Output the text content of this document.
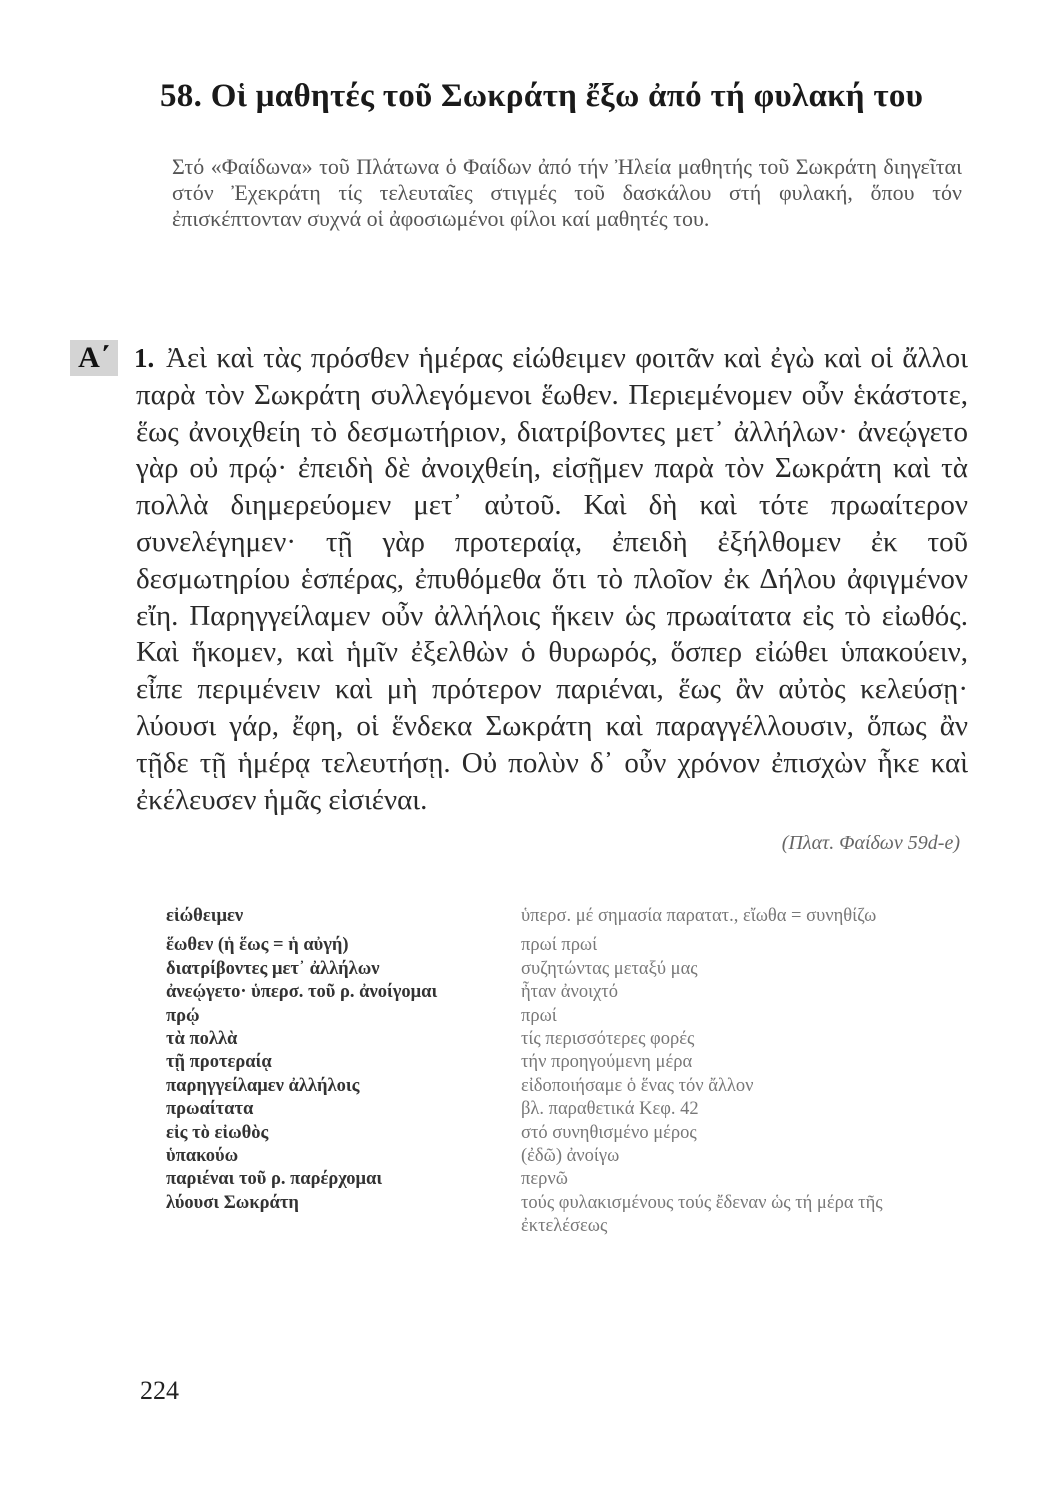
58. Οἱ μαθητές τοῦ Σωκράτη ἔξω ἀπό τή φυλακή του

Στό «Φαίδωνα» τοῦ Πλάτωνα ὁ Φαίδων ἀπό τήν Ἠλεία μαθητής τοῦ Σωκράτη διηγεῖται στόν Ἐχεκράτη τίς τελευταῖες στιγμές τοῦ δασκάλου στή φυλακή, ὅπου τόν ἐπισκέπτονταν συχνά οἱ ἀφοσιωμένοι φίλοι καί μαθητές του.

Α΄ 1. Ἀεὶ καὶ τὰς πρόσθεν ἡμέρας εἰώθειμεν φοιτᾶν καὶ ἐγὼ καὶ οἱ ἄλλοι παρὰ τὸν Σωκράτη συλλεγόμενοι ἕωθεν. Περιεμένομεν οὖν ἑκάστοτε, ἕως ἀνοιχθείη τὸ δεσμωτήριον, διατρίβοντες μετ᾽ ἀλλήλων· ἀνεῴγετο γὰρ οὐ πρῴ· ἐπειδὴ δὲ ἀνοιχθείη, εἰσῇμεν παρὰ τὸν Σωκράτη καὶ τὰ πολλὰ διημερεύομεν μετ᾽ αὐτοῦ. Καὶ δὴ καὶ τότε πρωαίτερον συνελέγημεν· τῇ γὰρ προτεραίᾳ, ἐπειδὴ ἐξήλθομεν ἐκ τοῦ δεσμωτηρίου ἑσπέρας, ἐπυθόμεθα ὅτι τὸ πλοῖον ἐκ Δήλου ἀφιγμένον εἴη. Παρηγγείλαμεν οὖν ἀλλήλοις ἥκειν ὡς πρωαίτατα εἰς τὸ εἰωθός. Καὶ ἥκομεν, καὶ ἡμῖν ἐξελθὼν ὁ θυρωρός, ὅσπερ εἰώθει ὑπακούειν, εἶπε περιμένειν καὶ μὴ πρότερον παριέναι, ἕως ἂν αὐτὸς κελεύσῃ· λύουσι γάρ, ἔφη, οἱ ἕνδεκα Σωκράτη καὶ παραγγέλλουσιν, ὅπως ἂν τῇδε τῇ ἡμέρᾳ τελευτήσῃ. Οὐ πολὺν δ᾽ οὖν χρόνον ἐπισχὼν ἧκε καὶ ἐκέλευσεν ἡμᾶς εἰσιέναι.

(Πλατ. Φαίδων 59d-e)
εἰώθειμεν	ὑπερσ. μέ σημασία παρατατ., εἴωθα = συνηθίζω
ἕωθεν (ἡ ἕως = ἡ αὐγή)	πρωί πρωί
διατρίβοντες μετ᾽ ἀλλήλων	συζητώντας μεταξύ μας
ἀνεῴγετο· ὑπερσ. τοῦ ρ. ἀνοίγομαι	ἦταν ἀνοιχτό
πρῴ	πρωί
τὰ πολλὰ	τίς περισσότερες φορές
τῇ προτεραίᾳ	τήν προηγούμενη μέρα
παρηγγείλαμεν ἀλλήλοις	εἰδοποιήσαμε ὁ ἕνας τόν ἄλλον
πρωαίτατα	βλ. παραθετικά Κεφ. 42
εἰς τὸ εἰωθὸς	στό συνηθισμένο μέρος
ὑπακούω	(ἐδῶ) ἀνοίγω
παριέναι τοῦ ρ. παρέρχομαι	περνῶ
λύουσι Σωκράτη	τούς φυλακισμένους τούς ἔδεναν ὡς τή μέρα τῆς ἐκτελέσεως
224
